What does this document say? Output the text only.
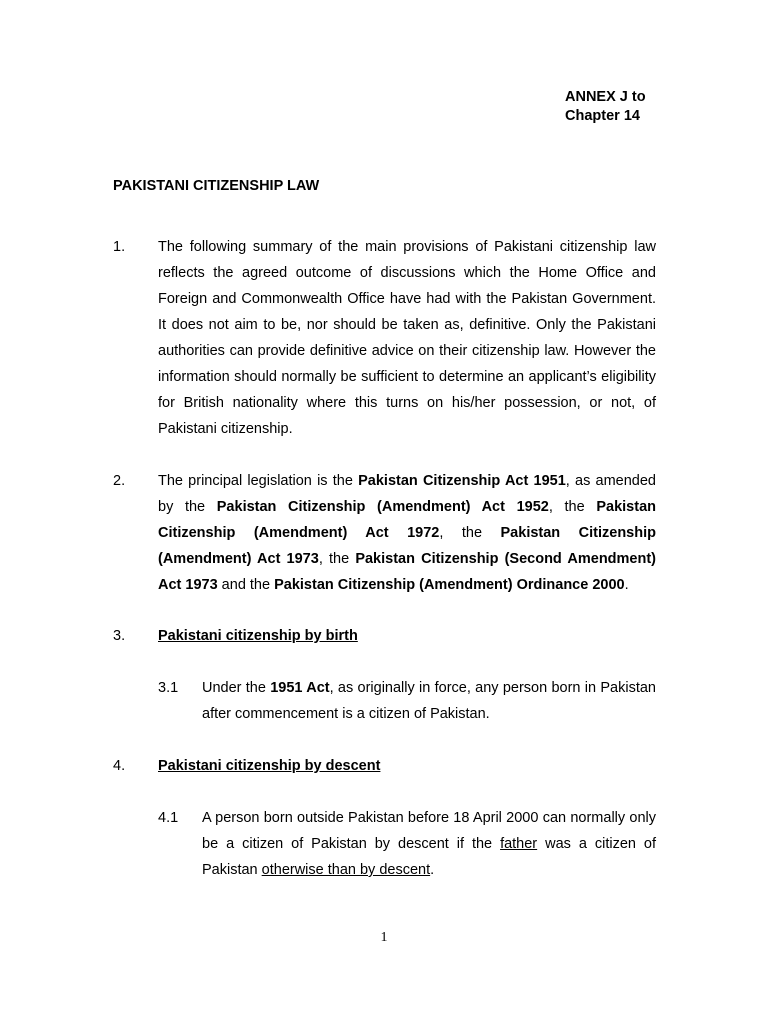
ANNEX J to
Chapter 14
PAKISTANI CITIZENSHIP LAW
1. The following summary of the main provisions of Pakistani citizenship law reflects the agreed outcome of discussions which the Home Office and Foreign and Commonwealth Office have had with the Pakistan Government. It does not aim to be, nor should be taken as, definitive. Only the Pakistani authorities can provide definitive advice on their citizenship law. However the information should normally be sufficient to determine an applicant’s eligibility for British nationality where this turns on his/her possession, or not, of Pakistani citizenship.
2. The principal legislation is the Pakistan Citizenship Act 1951, as amended by the Pakistan Citizenship (Amendment) Act 1952, the Pakistan Citizenship (Amendment) Act 1972, the Pakistan Citizenship (Amendment) Act 1973, the Pakistan Citizenship (Second Amendment) Act 1973 and the Pakistan Citizenship (Amendment) Ordinance 2000.
3. Pakistani citizenship by birth
3.1 Under the 1951 Act, as originally in force, any person born in Pakistan after commencement is a citizen of Pakistan.
4. Pakistani citizenship by descent
4.1 A person born outside Pakistan before 18 April 2000 can normally only be a citizen of Pakistan by descent if the father was a citizen of Pakistan otherwise than by descent.
1
